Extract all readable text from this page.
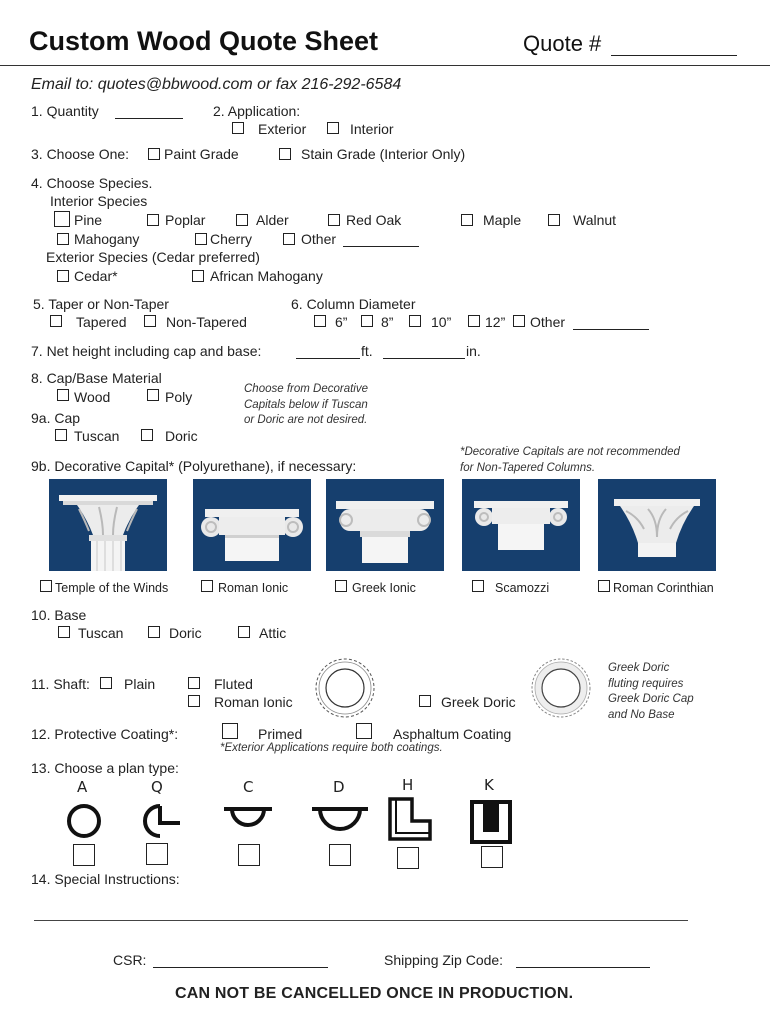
Custom Wood Quote Sheet	Quote #
Email to: quotes@bbwood.com or fax 216-292-6584
1. Quantity	2. Application:
Exterior	Interior
3. Choose One: Paint Grade	Stain Grade (Interior Only)
4. Choose Species.
Interior Species
Pine	Poplar	Alder	Red Oak	Maple	Walnut
Mahogany	Cherry	Other
Exterior Species (Cedar preferred)
Cedar*	African Mahogany
5. Taper or Non-Taper
Tapered	Non-Tapered
6. Column Diameter
6” 8”	10” 12” Other
7. Net height including cap and base:	ft.	in.
8. Cap/Base Material
Wood	Poly	Choose from Decorative
Capitals below if Tuscan
or Doric are not desired.
9a. Cap
Tuscan	Doric
*Decorative Capitals are not recommended
for Non-Tapered Columns.
9b. Decorative Capital* (Polyurethane), if necessary:
Temple of the Winds	Roman Ionic	Greek Ionic	Scamozzi	Roman Corinthian
10. Base
Tuscan	Doric	Attic
11. Shaft: Plain	Fluted
Roman Ionic	Greek Doric
Greek Doric
fluting requires
Greek Doric Cap
and No Base
12. Protective Coating*:	Primed	Asphaltum Coating
*Exterior Applications require both coatings.
13. Choose a plan type:
A	Q	C	D	H	K
14. Special Instructions:
CSR:	Shipping Zip Code:
CAN NOT BE CANCELLED ONCE IN PRODUCTION.
